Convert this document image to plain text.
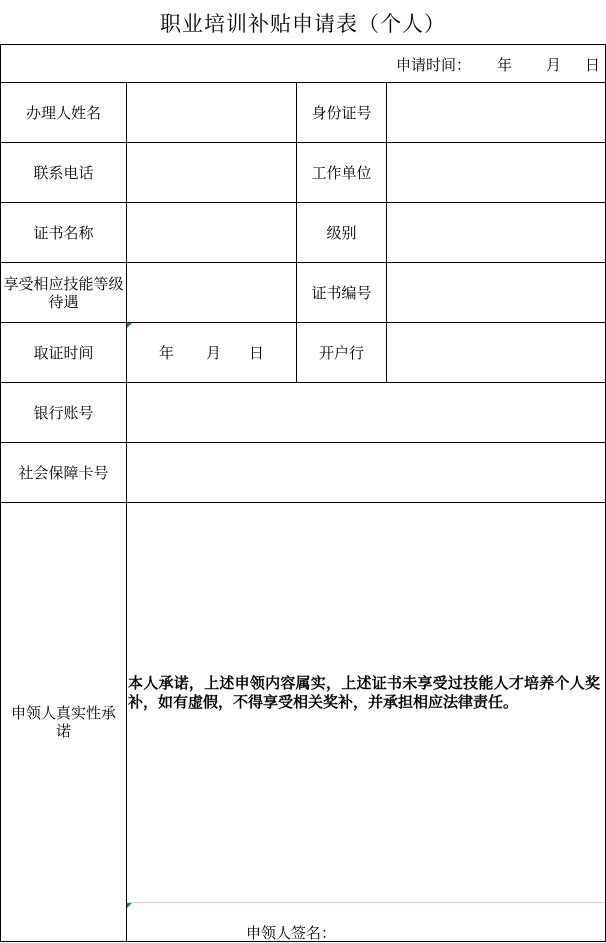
职业培训补贴申请表（个人）
申请时间： 年 月 日
办理人姓名	身份证号
联系电话	工作单位
证书名称	级别
享受相应技能等级待遇	证书编号
取证时间	年 月 日	开户行
银行账号
社会保障卡号
申领人真实性承诺
本人承诺，上述申领内容属实，上述证书未享受过技能人才培养个人奖补，如有虚假，不得享受相关奖补，并承担相应法律责任。
申领人签名：
